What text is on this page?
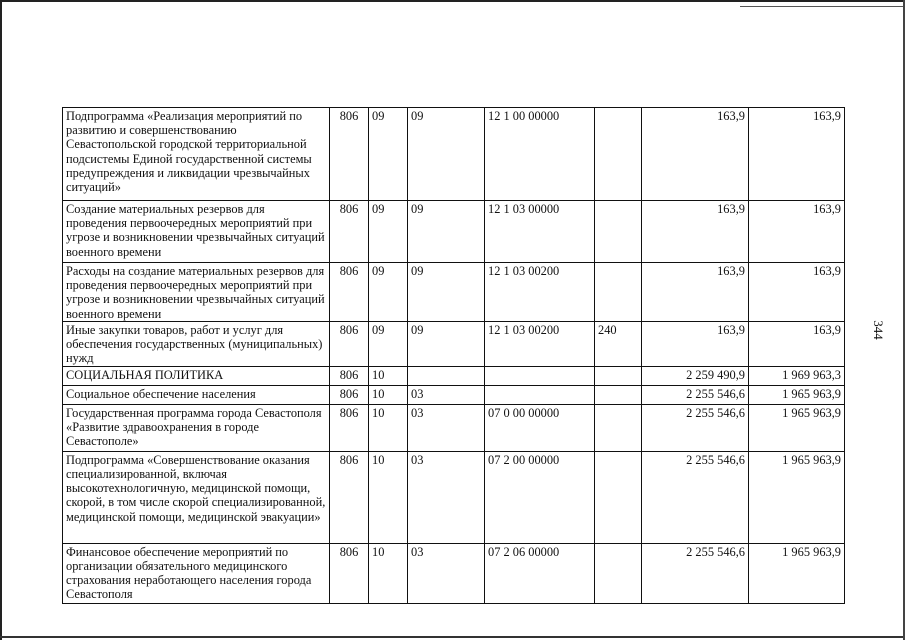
Подпрограмма «Реализация мероприятий по развитию и совершенствованию Севастопольской городской территориальной подсистемы Единой государственной системы предупреждения и ликвидации чрезвычайных ситуаций»	806	09	09	12 1 00 00000		163,9	163,9
Создание материальных резервов для проведения первоочередных мероприятий при угрозе и возникновении чрезвычайных ситуаций военного времени	806	09	09	12 1 03 00000		163,9	163,9
Расходы на создание материальных резервов для проведения первоочередных мероприятий при угрозе и возникновении чрезвычайных ситуаций военного времени	806	09	09	12 1 03 00200		163,9	163,9
Иные закупки товаров, работ и услуг для обеспечения государственных (муниципальных) нужд	806	09	09	12 1 03 00200	240	163,9	163,9
СОЦИАЛЬНАЯ ПОЛИТИКА	806	10				2 259 490,9	1 969 963,3
Социальное обеспечение населения	806	10	03			2 255 546,6	1 965 963,9
Государственная программа города Севастополя «Развитие здравоохранения в городе Севастополе»	806	10	03	07 0 00 00000		2 255 546,6	1 965 963,9
Подпрограмма «Совершенствование оказания специализированной, включая высокотехнологичную, медицинской помощи, скорой, в том числе скорой специализированной, медицинской помощи, медицинской эвакуации»	806	10	03	07 2 00 00000		2 255 546,6	1 965 963,9
Финансовое обеспечение мероприятий по организации обязательного медицинского страхования неработающего населения города Севастополя	806	10	03	07 2 06 00000		2 255 546,6	1 965 963,9
344
